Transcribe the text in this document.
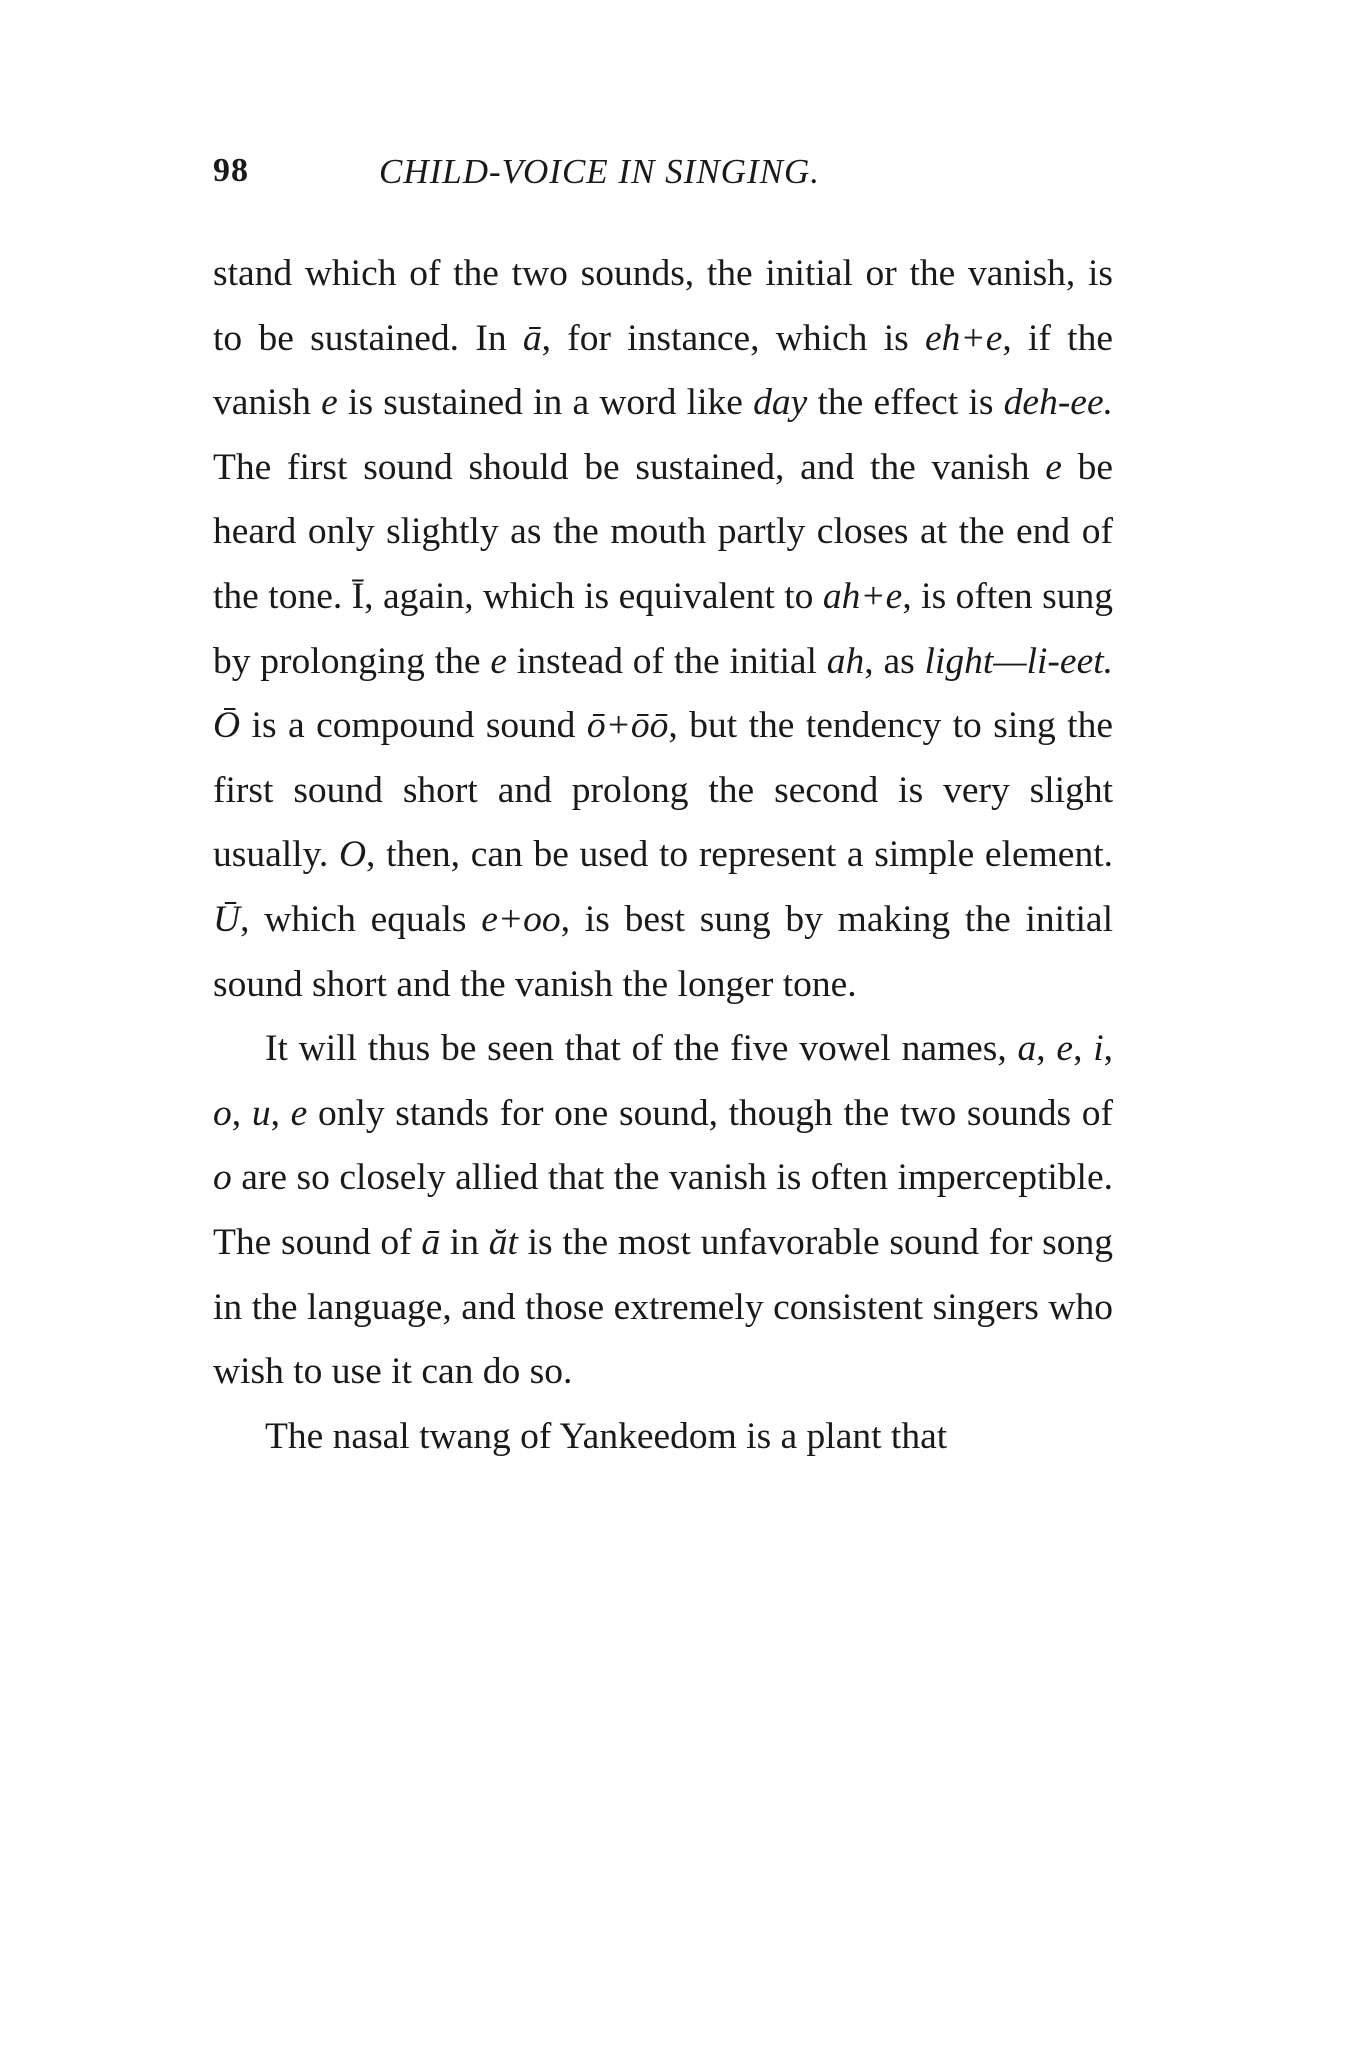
98	CHILD-VOICE IN SINGING.

stand which of the two sounds, the initial or the vanish, is to be sustained. In ā, for instance, which is eh+e, if the vanish e is sustained in a word like day the effect is deh-ee. The first sound should be sustained, and the vanish e be heard only slightly as the mouth partly closes at the end of the tone. Ī, again, which is equivalent to ah+e, is often sung by prolonging the e instead of the initial ah, as light—li-eet. Ō is a compound sound ō+ōō, but the tendency to sing the first sound short and prolong the second is very slight usually. O, then, can be used to represent a simple element. Ū, which equals e+oo, is best sung by making the initial sound short and the vanish the longer tone.

It will thus be seen that of the five vowel names, a, e, i, o, u, e only stands for one sound, though the two sounds of o are so closely allied that the vanish is often imperceptible. The sound of ā in ăt is the most unfavorable sound for song in the language, and those extremely consistent singers who wish to use it can do so.

The nasal twang of Yankeedom is a plant that
